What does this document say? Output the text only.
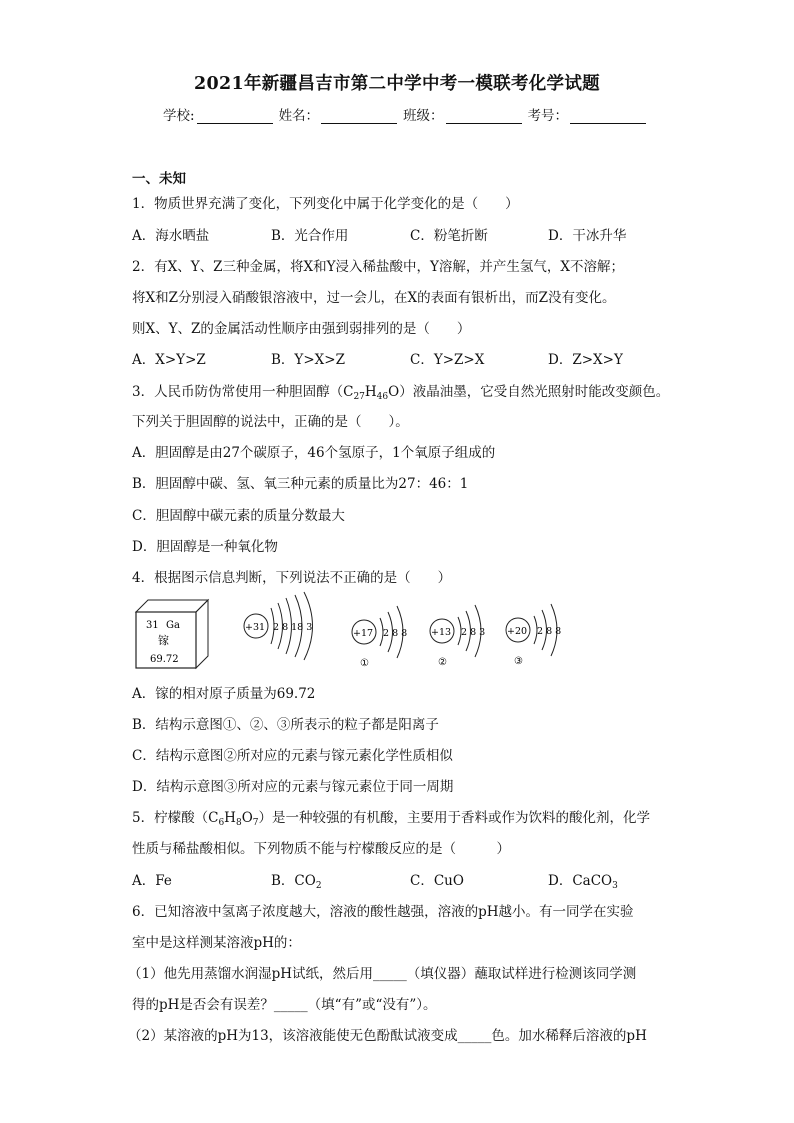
2021年新疆昌吉市第二中学中考一模联考化学试题
学校:	姓名：	班级：	考号：
一、未知
1．物质世界充满了变化，下列变化中属于化学变化的是（　　）
A．海水晒盐	B．光合作用	C．粉笔折断	D．干冰升华
2．有X、Y、Z三种金属，将X和Y浸入稀盐酸中，Y溶解，并产生氢气，X不溶解；
将X和Z分别浸入硝酸银溶液中，过一会儿，在X的表面有银析出，而Z没有变化。
则X、Y、Z的金属活动性顺序由强到弱排列的是（　　）
A．X>Y>Z	B．Y>X>Z	C．Y>Z>X	D．Z>X>Y
3．人民币防伪常使用一种胆固醇$(C_{27}H_{46}O)$液晶油墨，它受自然光照射时能改变颜色。
下列关于胆固醇的说法中，正确的是（　　）。
A．胆固醇是由27个碳原子，46个氢原子，1个氧原子组成的
B．胆固醇中碳、氢、氧三种元素的质量比为27：46：1
C．胆固醇中碳元素的质量分数最大
D．胆固醇是一种氧化物
4．根据图示信息判断，下列说法不正确的是（　　）
31 Ga
镓
69.72
+31 2 8 18 3
+17 2 8 8
①
+13 2 8 3
②
+20 2 8 8
③
A．镓的相对原子质量为69.72
B．结构示意图①、②、③所表示的粒子都是阳离子
C．结构示意图②所对应的元素与镓元素化学性质相似
D．结构示意图③所对应的元素与镓元素位于同一周期
5．柠檬酸$(C_6H_8O_7)$是一种较强的有机酸，主要用于香料或作为饮料的酸化剂，化学
性质与稀盐酸相似。下列物质不能与柠檬酸反应的是（　　　）
A．Fe	B．$CO_2$	C．CuO	D．CaCO$_3$
6．已知溶液中氢离子浓度越大，溶液的酸性越强，溶液的pH越小。有一同学在实验
室中是这样测某溶液pH的：
（1）他先用蒸馏水润湿pH试纸，然后用_____（填仪器）蘸取试样进行检测该同学测
得的pH是否会有误差？_____（填“有”或“没有”）。
（2）某溶液的pH为13，该溶液能使无色酚酞试液变成_____色。加水稀释后溶液的pH
